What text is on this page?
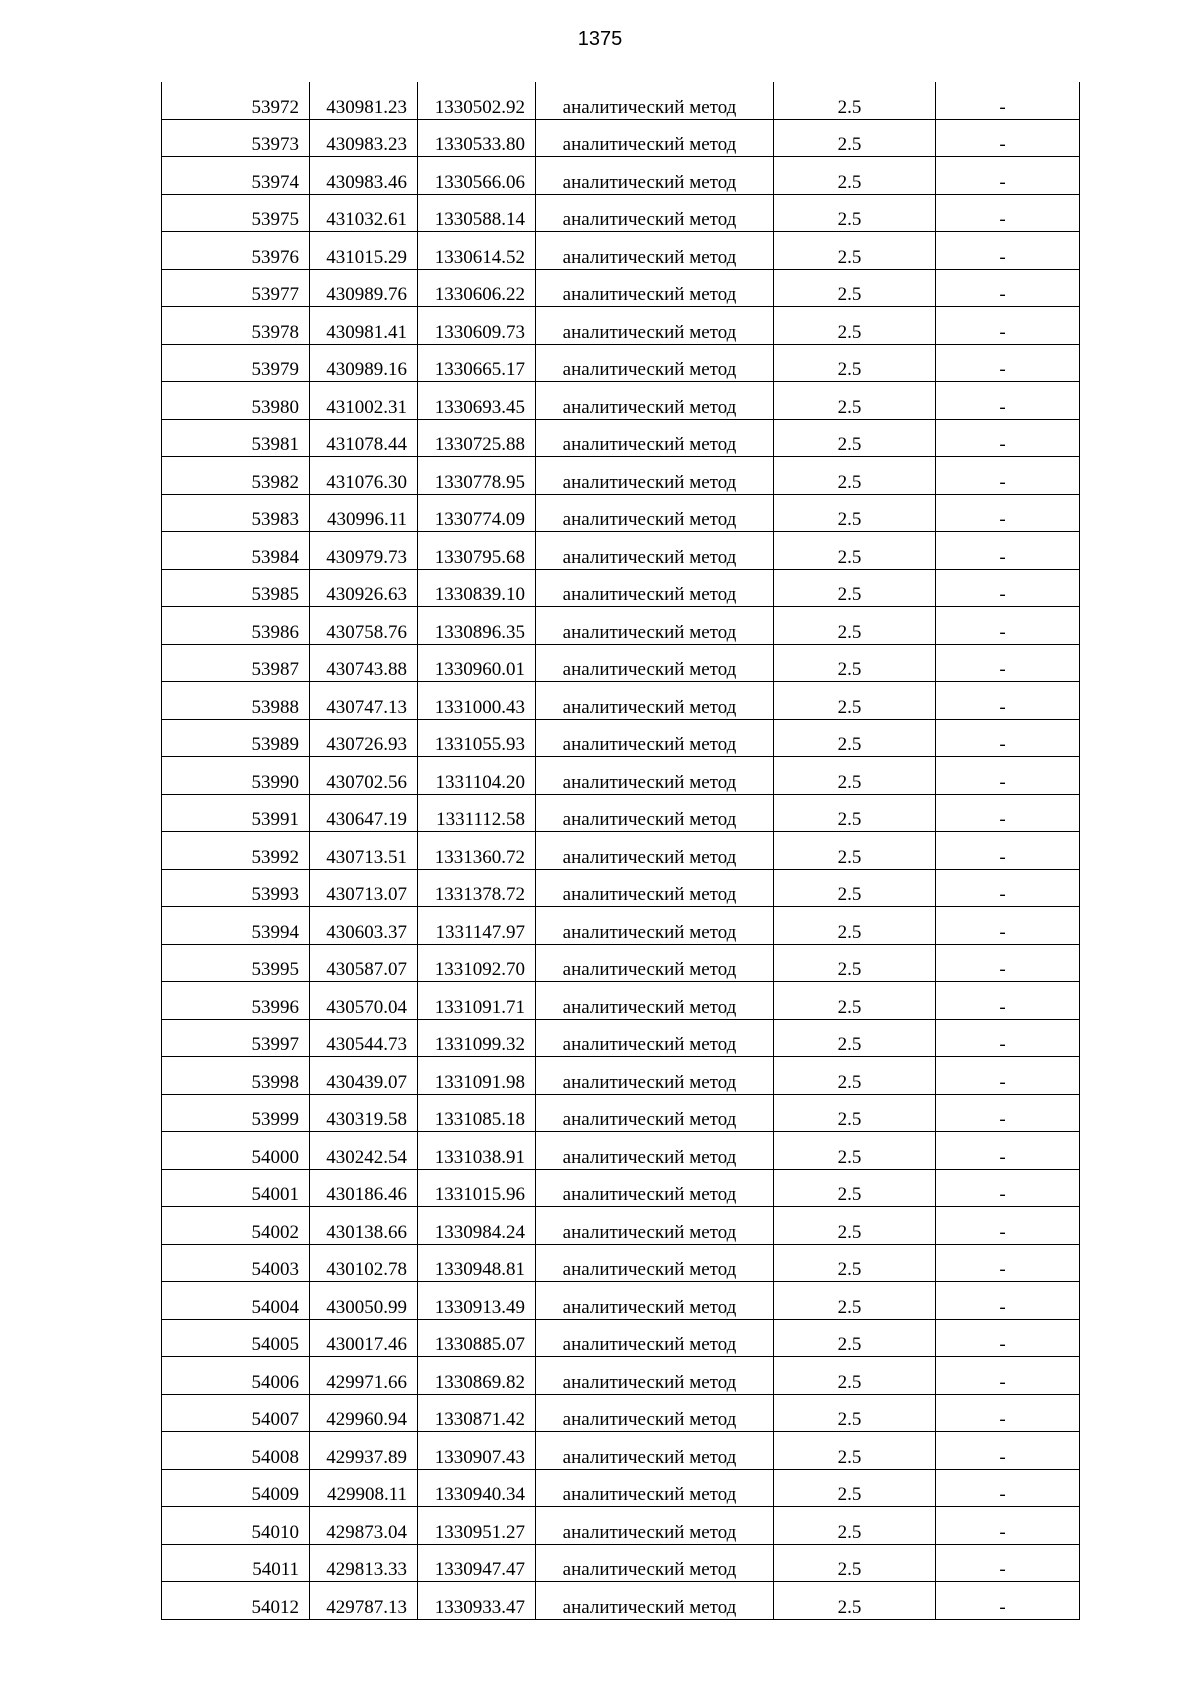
1375
53972	430981.23	1330502.92	аналитический метод	2.5	-
53973	430983.23	1330533.80	аналитический метод	2.5	-
53974	430983.46	1330566.06	аналитический метод	2.5	-
53975	431032.61	1330588.14	аналитический метод	2.5	-
53976	431015.29	1330614.52	аналитический метод	2.5	-
53977	430989.76	1330606.22	аналитический метод	2.5	-
53978	430981.41	1330609.73	аналитический метод	2.5	-
53979	430989.16	1330665.17	аналитический метод	2.5	-
53980	431002.31	1330693.45	аналитический метод	2.5	-
53981	431078.44	1330725.88	аналитический метод	2.5	-
53982	431076.30	1330778.95	аналитический метод	2.5	-
53983	430996.11	1330774.09	аналитический метод	2.5	-
53984	430979.73	1330795.68	аналитический метод	2.5	-
53985	430926.63	1330839.10	аналитический метод	2.5	-
53986	430758.76	1330896.35	аналитический метод	2.5	-
53987	430743.88	1330960.01	аналитический метод	2.5	-
53988	430747.13	1331000.43	аналитический метод	2.5	-
53989	430726.93	1331055.93	аналитический метод	2.5	-
53990	430702.56	1331104.20	аналитический метод	2.5	-
53991	430647.19	1331112.58	аналитический метод	2.5	-
53992	430713.51	1331360.72	аналитический метод	2.5	-
53993	430713.07	1331378.72	аналитический метод	2.5	-
53994	430603.37	1331147.97	аналитический метод	2.5	-
53995	430587.07	1331092.70	аналитический метод	2.5	-
53996	430570.04	1331091.71	аналитический метод	2.5	-
53997	430544.73	1331099.32	аналитический метод	2.5	-
53998	430439.07	1331091.98	аналитический метод	2.5	-
53999	430319.58	1331085.18	аналитический метод	2.5	-
54000	430242.54	1331038.91	аналитический метод	2.5	-
54001	430186.46	1331015.96	аналитический метод	2.5	-
54002	430138.66	1330984.24	аналитический метод	2.5	-
54003	430102.78	1330948.81	аналитический метод	2.5	-
54004	430050.99	1330913.49	аналитический метод	2.5	-
54005	430017.46	1330885.07	аналитический метод	2.5	-
54006	429971.66	1330869.82	аналитический метод	2.5	-
54007	429960.94	1330871.42	аналитический метод	2.5	-
54008	429937.89	1330907.43	аналитический метод	2.5	-
54009	429908.11	1330940.34	аналитический метод	2.5	-
54010	429873.04	1330951.27	аналитический метод	2.5	-
54011	429813.33	1330947.47	аналитический метод	2.5	-
54012	429787.13	1330933.47	аналитический метод	2.5	-
